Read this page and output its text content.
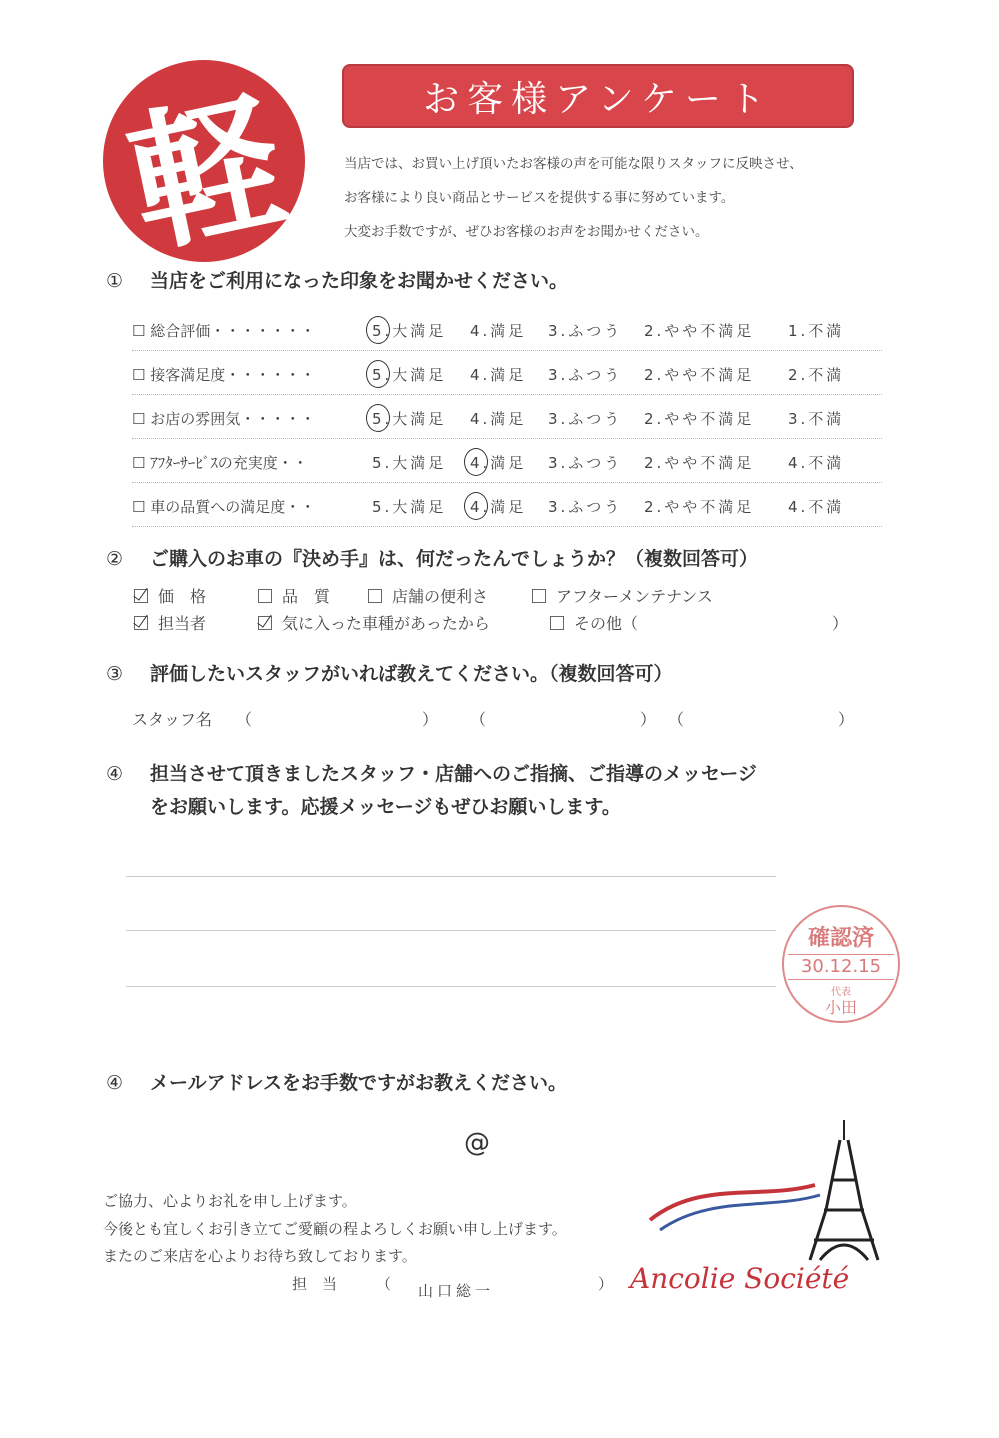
軽	お客様アンケート
当店では、お買い上げ頂いたお客様の声を可能な限りスタッフに反映させ、
お客様により良い商品とサービスを提供する事に努めています。
大変お手数ですが、ぜひお客様のお声をお聞かせください。
① 当店をご利用になった印象をお聞かせください。
☐ 総合評価・・・・・・・	5.大満足 4.満足 3.ふつう 2.やや不満足 1.不満
☐ 接客満足度・・・・・・	5.大満足 4.満足 3.ふつう 2.やや不満足 2.不満
☐ お店の雰囲気・・・・・	5.大満足 4.満足 3.ふつう 2.やや不満足 3.不満
☐ ｱﾌﾀｰｻｰﾋﾞｽの充実度・・	5.大満足 4.満足 3.ふつう 2.やや不満足 4.不満
☐ 車の品質への満足度・・	5.大満足 4.満足 3.ふつう 2.やや不満足 4.不満
② ご購入のお車の『決め手』は、何だったんでしょうか？（複数回答可）
価　格	品　質	店舗の便利さ	アフターメンテナンス
担当者	気に入った車種があったから	その他（	）
③ 評価したいスタッフがいれば教えてください。（複数回答可）
スタッフ名 （	） （	） （	）
④ 担当させて頂きましたスタッフ・店舗へのご指摘、ご指導のメッセージ
をお願いします。応援メッセージもぜひお願いします。
確認済
30.12.15
代表
小田
④ メールアドレスをお手数ですがお教えください。
@
ご協力、心よりお礼を申し上げます。
今後とも宜しくお引き立てご愛顧の程よろしくお願い申し上げます。
またのご来店を心よりお待ち致しております。
担　当	（ 山口総一	） Ancolie Société
